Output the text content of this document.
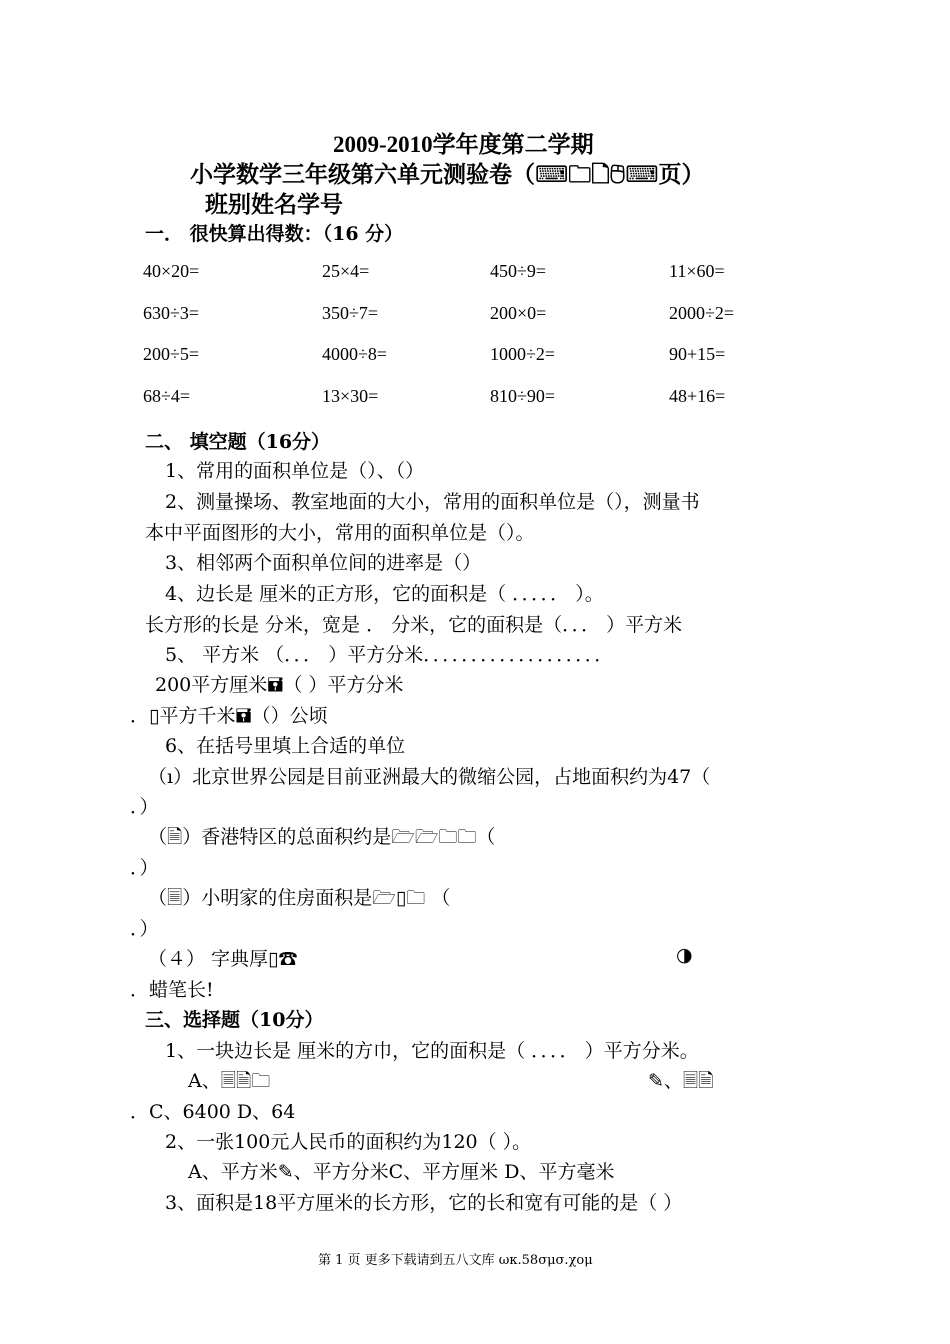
2009-2010学年度第二学期
小学数学三年级第六单元测验卷（⌨🗀🗋🖰⌨页）
班别姓名学号
一． 很快算出得数：（16 分）
40×20=	25×4=	450÷9=	11×60=
630÷3=	350÷7=	200×0=	2000÷2=
200÷5=	4000÷8=	1000÷2=	90+15=
68÷4=	13×30=	810÷90=	48+16=
二、 填空题（16分）
1、常用的面积单位是（）、（）
2、测量操场、教室地面的大小，常用的面积单位是（），测量书
本中平面图形的大小，常用的面积单位是（）。
3、相邻两个面积单位间的进率是（）
4、边长是 厘米的正方形，它的面积是（ ．．．．． ）。
长方形的长是 分米，宽是 ． 分米，它的面积是（．．． ）平方米
5、 平方米 （．．． ）平方分米．．．．．．．．．．．．．．．．．．．
200平方厘米🖬（ ）平方分米
．▯平方千米🖬（）公顷
6、在括号里填上合适的单位
（ı）北京世界公园是目前亚洲最大的微缩公园，占地面积约为47（
．）
（🗎）香港特区的总面积约是🗁🗁🗀🗀（
．）
（🗏）小明家的住房面积是🗁▯🗀 （
．）
（４） 字典厚▯☎	◑
．蜡笔长!
三、选择题（10分）
1、一块边长是 厘米的方巾，它的面积是（ ．．．． ）平方分米。
A、🗏🗎🗀	✎、🗏🗎
．C、6400 D、64
2、一张100元人民币的面积约为120（ ）。
A、平方米✎、平方分米C、平方厘米 D、平方毫米
3、面积是18平方厘米的长方形，它的长和宽有可能的是（ ）
第 1 页 更多下载请到五八文库 ωκ.58σμσ.χομ
